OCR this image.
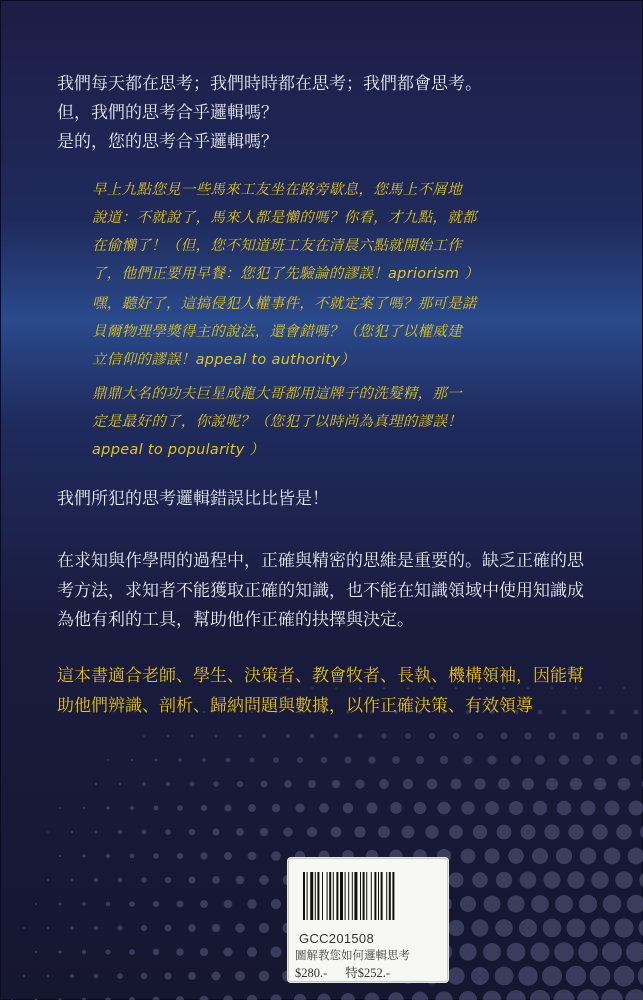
我們每天都在思考；我們時時都在思考；我們都會思考。
但，我們的思考合乎邏輯嗎？
是的，您的思考合乎邏輯嗎？
早上九點您見一些馬來工友坐在路旁歇息，您馬上不屑地
說道：不就說了，馬來人都是懶的嗎？你看，才九點，就都
在偷懶了！（但，您不知道班工友在清晨六點就開始工作
了，他們正要用早餐：您犯了先驗論的謬誤！apriorism ）
嘿，聽好了，這搞侵犯人權事件，不就定案了嗎？那可是諾
貝爾物理學獎得主的說法，還會錯嗎？（您犯了以權威建
立信仰的謬誤！appeal to authority）
鼎鼎大名的功夫巨星成龍大哥都用這牌子的洗髮精，那一
定是最好的了，你說呢？（您犯了以時尚為真理的謬誤！
appeal to popularity ）
我們所犯的思考邏輯錯誤比比皆是！
在求知與作學問的過程中，正確與精密的思維是重要的。缺乏正確的思
考方法，求知者不能獲取正確的知識，也不能在知識領域中使用知識成
為他有利的工具，幫助他作正確的抉擇與決定。
這本書適合老師、學生、決策者、教會牧者、長執、機構領袖，因能幫
助他們辨識、剖析、歸納問題與數據，以作正確決策、有效領導
GCC201508
圖解教您如何邏輯思考
$280.- 特$252.-
